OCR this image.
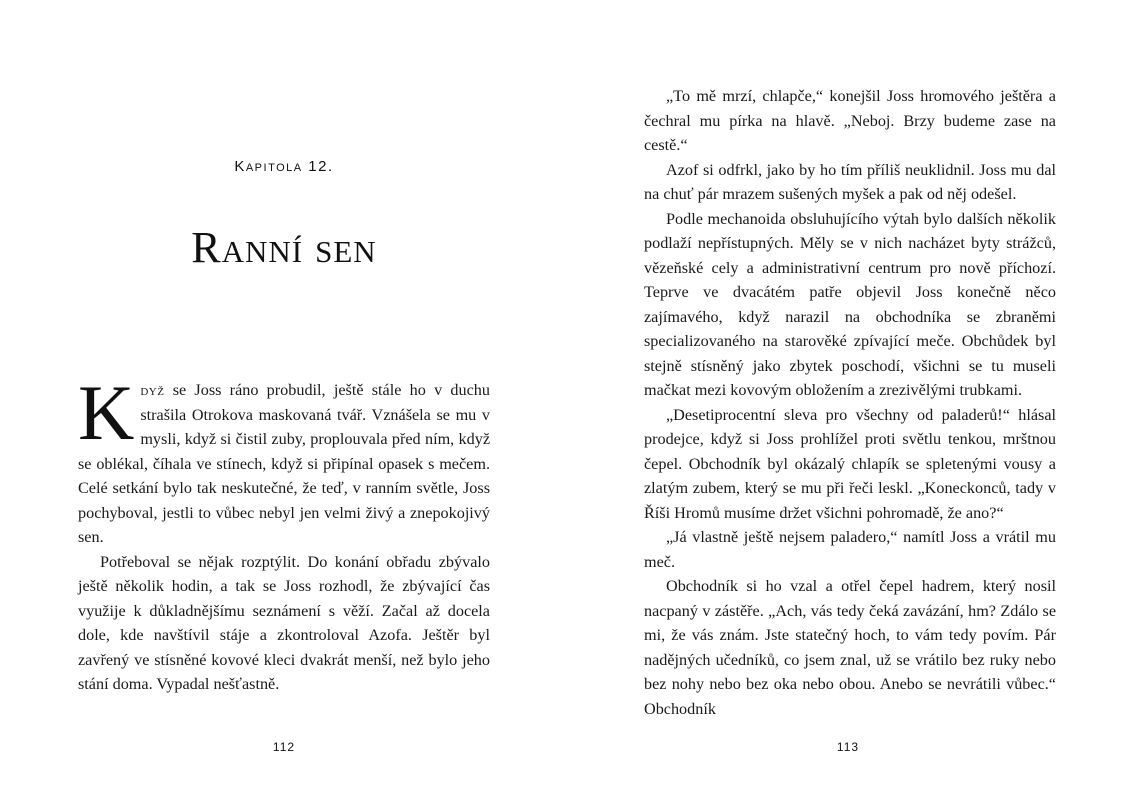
Kapitola 12.
Ranní sen

Když se Joss ráno probudil, ještě stále ho v duchu strašila Otrokova maskovaná tvář. Vznášela se mu v mysli, když si čistil zuby, proplouvala před ním, když se oblékal, číhala ve stínech, když si připínal opasek s mečem. Celé setkání bylo tak neskutečné, že teď, v ranním světle, Joss pochyboval, jestli to vůbec nebyl jen velmi živý a znepokojivý sen.

Potřeboval se nějak rozptýlit. Do konání obřadu zbývalo ještě několik hodin, a tak se Joss rozhodl, že zbývající čas využije k důkladnějšímu seznámení s věží. Začal až docela dole, kde navštívil stáje a zkontroloval Azofa. Ještěr byl zavřený ve stísněné kovové kleci dvakrát menší, než bylo jeho stání doma. Vypadal nešťastně.

112

„To mě mrzí, chlapče,“ konejšil Joss hromového ještěra a čechral mu pírka na hlavě. „Neboj. Brzy budeme zase na cestě.“

Azof si odfrkl, jako by ho tím příliš neuklidnil. Joss mu dal na chuť pár mrazem sušených myšek a pak od něj odešel.

Podle mechanoida obsluhujícího výtah bylo dalších několik podlaží nepřístupných. Měly se v nich nacházet byty strážců, vězeňské cely a administrativní centrum pro nově příchozí. Teprve ve dvacátém patře objevil Joss konečně něco zajímavého, když narazil na obchodníka se zbraněmi specializovaného na starověké zpívající meče. Obchůdek byl stejně stísněný jako zbytek poschodí, všichni se tu museli mačkat mezi kovovým obložením a zrezivělými trubkami.

„Desetiprocentní sleva pro všechny od paladerů!“ hlásal prodejce, když si Joss prohlížel proti světlu tenkou, mrštnou čepel. Obchodník byl okázalý chlapík se spletenými vousy a zlatým zubem, který se mu při řeči leskl. „Koneckonců, tady v Říši Hromů musíme držet všichni pohromadě, že ano?“

„Já vlastně ještě nejsem paladero,“ namítl Joss a vrátil mu meč.

Obchodník si ho vzal a otřel čepel hadrem, který nosil nacpaný v zástěře. „Ach, vás tedy čeká zavázání, hm? Zdálo se mi, že vás znám. Jste statečný hoch, to vám tedy povím. Pár nadějných učedníků, co jsem znal, už se vrátilo bez ruky nebo bez nohy nebo bez oka nebo obou. Anebo se nevrátili vůbec.“ Obchodník

113
